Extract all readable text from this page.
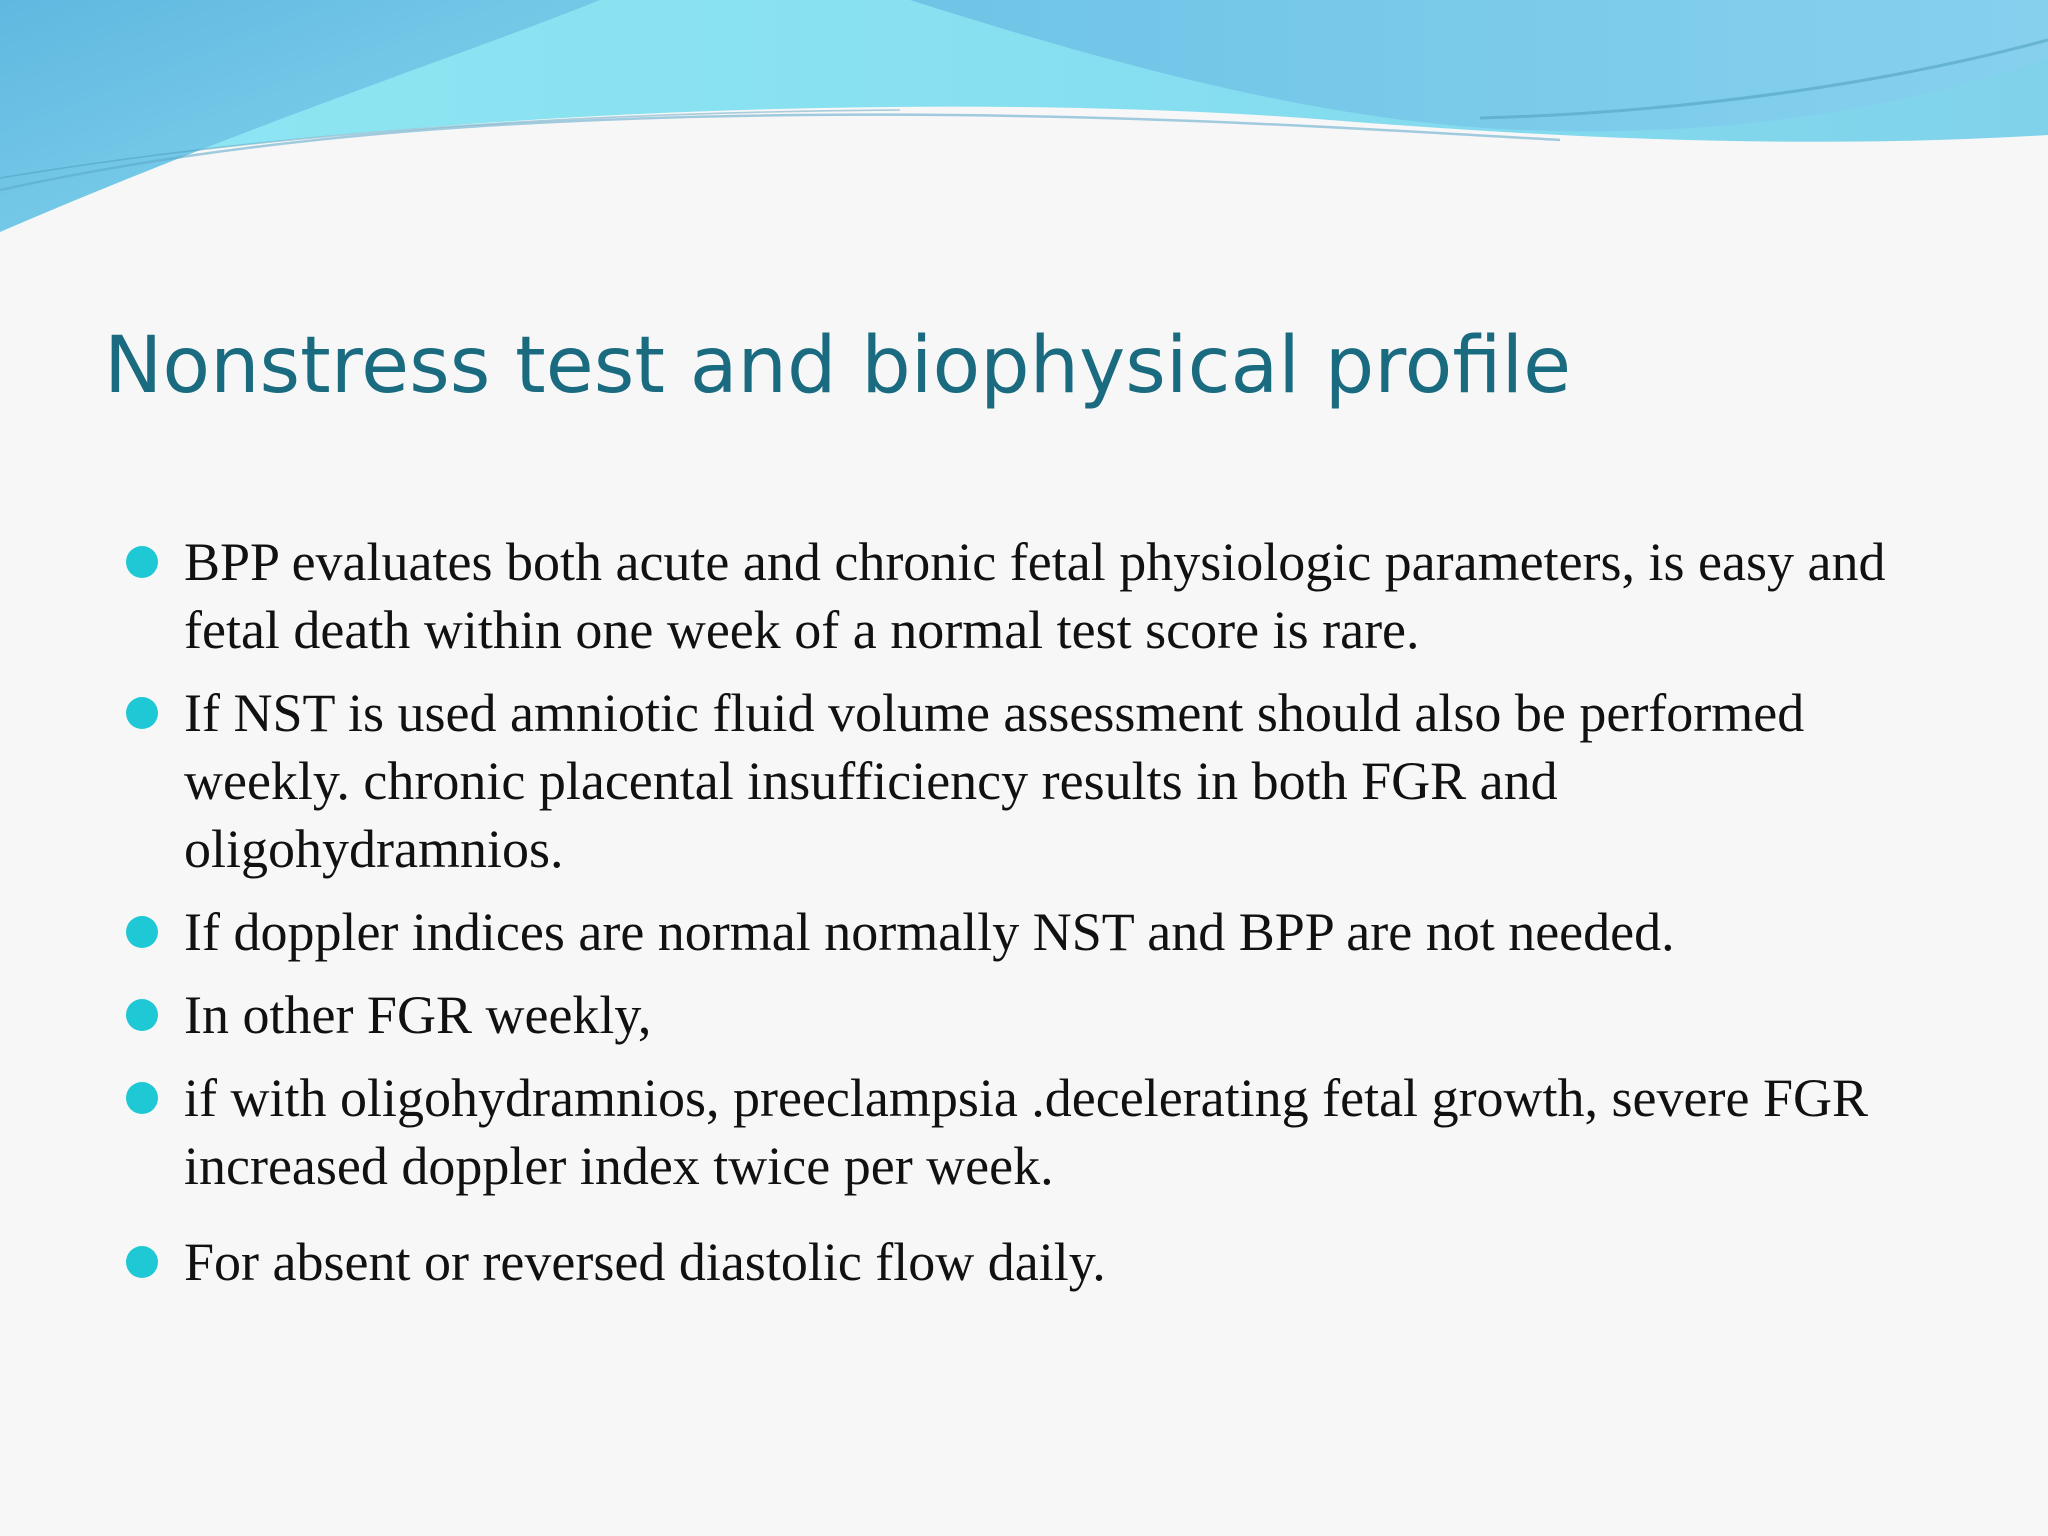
Nonstress test and biophysical profile
BPP evaluates both acute and chronic fetal physiologic parameters, is easy and fetal death within one week of a normal test score is rare.
If NST is used amniotic fluid volume assessment should also be performed weekly. chronic placental insufficiency results in both FGR and oligohydramnios.
If doppler indices are normal normally NST and BPP are not needed.
In other FGR weekly,
if with oligohydramnios, preeclampsia .decelerating fetal growth, severe FGR increased doppler index twice per week.
For absent or reversed diastolic flow daily.
